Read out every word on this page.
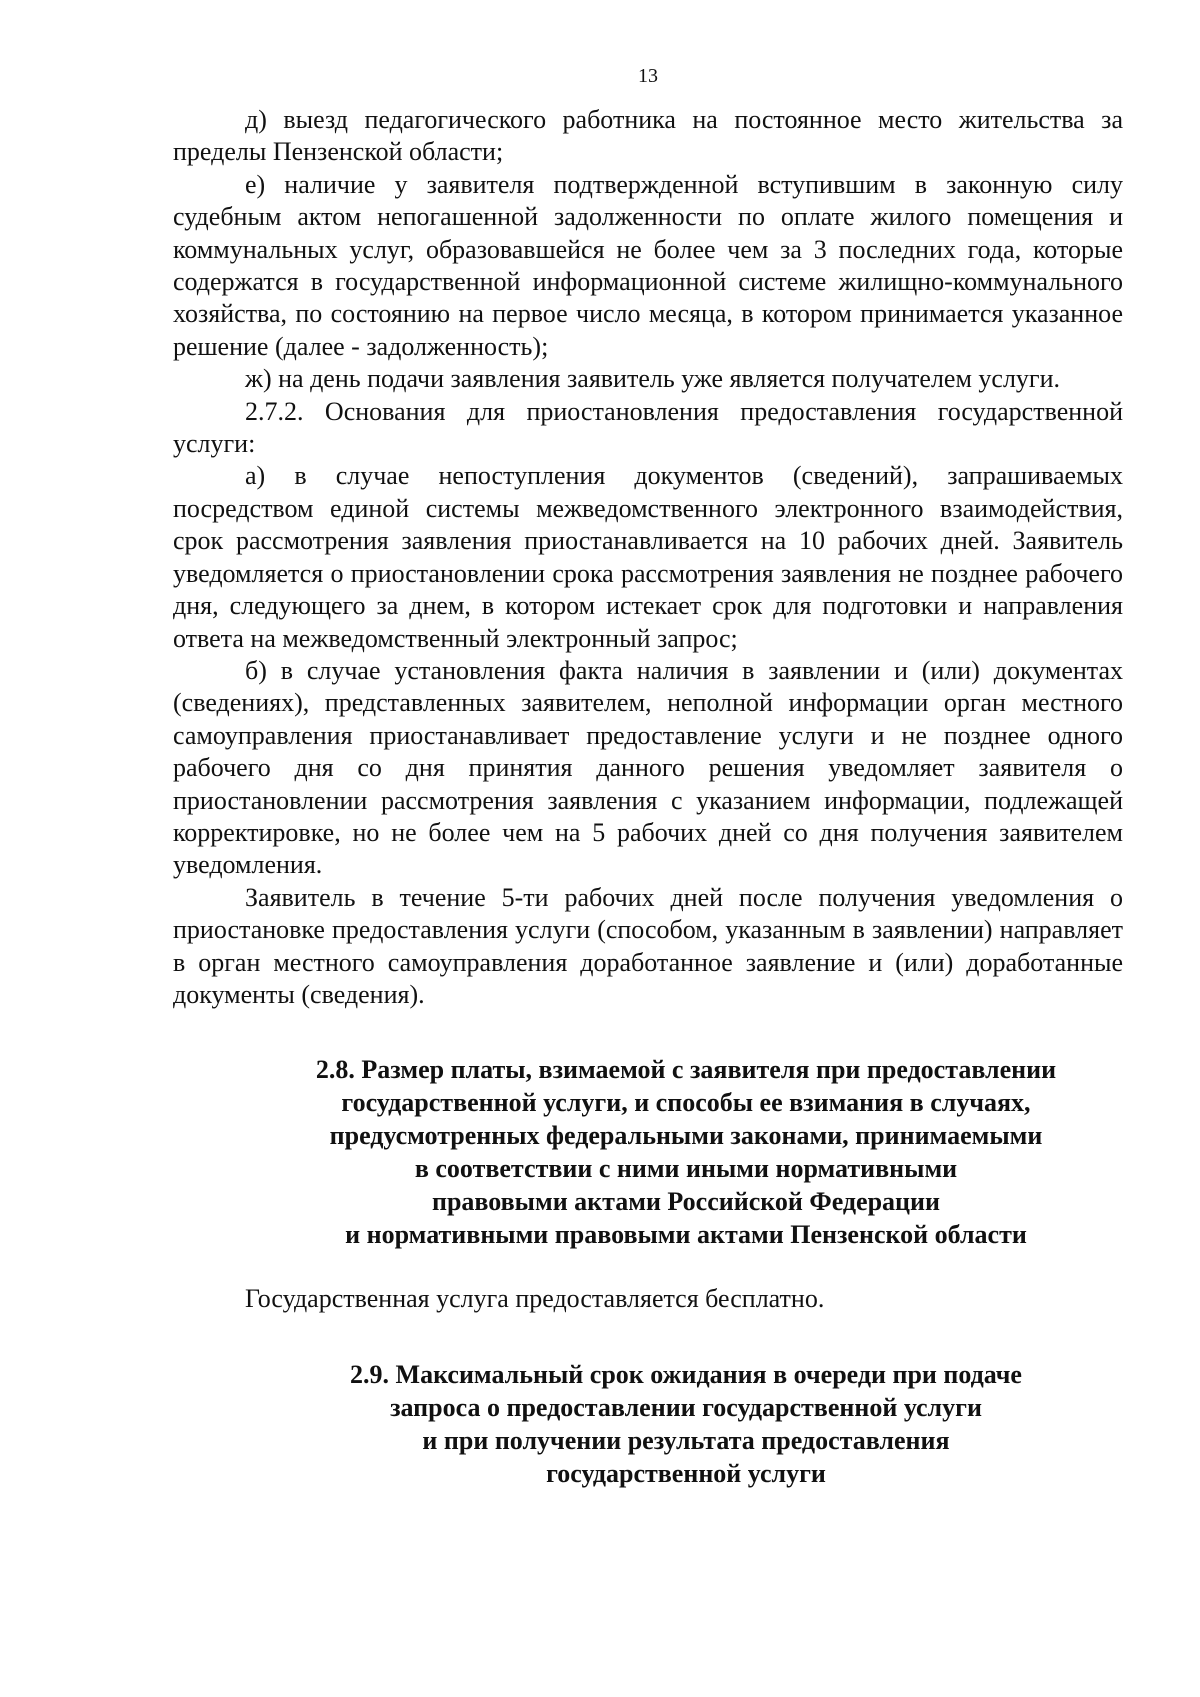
13

д) выезд педагогического работника на постоянное место жительства за пределы Пензенской области;

е) наличие у заявителя подтвержденной вступившим в законную силу судебным актом непогашенной задолженности по оплате жилого помещения и коммунальных услуг, образовавшейся не более чем за 3 последних года, которые содержатся в государственной информационной системе жилищно-коммунального хозяйства, по состоянию на первое число месяца, в котором принимается указанное решение (далее - задолженность);

ж) на день подачи заявления заявитель уже является получателем услуги.

2.7.2. Основания для приостановления предоставления государственной услуги:

а) в случае непоступления документов (сведений), запрашиваемых посредством единой системы межведомственного электронного взаимодействия, срок рассмотрения заявления приостанавливается на 10 рабочих дней. Заявитель уведомляется о приостановлении срока рассмотрения заявления не позднее рабочего дня, следующего за днем, в котором истекает срок для подготовки и направления ответа на межведомственный электронный запрос;

б) в случае установления факта наличия в заявлении и (или) документах (сведениях), представленных заявителем, неполной информации орган местного самоуправления приостанавливает предоставление услуги и не позднее одного рабочего дня со дня принятия данного решения уведомляет заявителя о приостановлении рассмотрения заявления с указанием информации, подлежащей корректировке, но не более чем на 5 рабочих дней со дня получения заявителем уведомления.

Заявитель в течение 5-ти рабочих дней после получения уведомления о приостановке предоставления услуги (способом, указанным в заявлении) направляет в орган местного самоуправления доработанное заявление и (или) доработанные документы (сведения).

2.8. Размер платы, взимаемой с заявителя при предоставлении
государственной услуги, и способы ее взимания в случаях,
предусмотренных федеральными законами, принимаемыми
в соответствии с ними иными нормативными
правовыми актами Российской Федерации
и нормативными правовыми актами Пензенской области

Государственная услуга предоставляется бесплатно.

2.9. Максимальный срок ожидания в очереди при подаче
запроса о предоставлении государственной услуги
и при получении результата предоставления
государственной услуги
